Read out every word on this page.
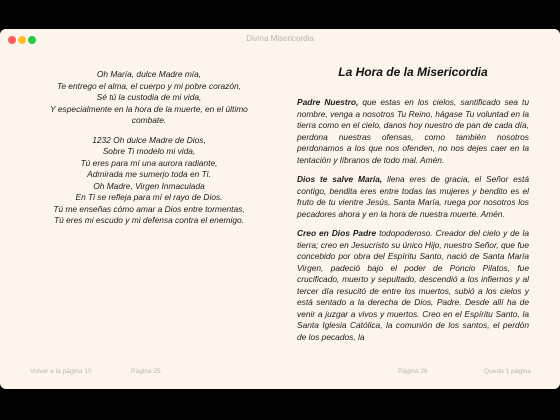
Divina Misericordia
Oh María, dulce Madre mía,
Te entrego el alma, el cuerpo y mi pobre corazón,
Sé tú la custodia de mi vida,
Y especialmente en la hora de la muerte, en el último
combate.
1232 Oh dulce Madre de Dios,
Sobre Ti modelo mi vida,
Tú eres para mí una aurora radiante,
Admirada me sumerjo toda en Ti.
Oh Madre, Virgen Inmaculada
En Ti se refleja para mí el rayo de Dios.
Tú me enseñas cómo amar a Dios entre tormentas,
Tú eres mi escudo y mi defensa contra el enemigo.
La Hora de la Misericordia

Padre Nuestro, que estas en los cielos, santificado sea tu nombre, venga a nosotros Tu Reino, hágase Tu voluntad en la tierra como en el cielo, danos hoy nuestro de pan de cada día, perdona nuestras ofensas, como también nosotros perdonamos a los que nos ofenden, no nos dejes caer en la tentación y líbranos de todo mal. Amén.

Dios te salve María, llena eres de gracia, el Señor está contigo, bendita eres entre todas las mujeres y bendito es el fruto de tu vientre Jesús, Santa María, ruega por nosotros los pecadores ahora y en la hora de nuestra muerte. Amén.

Creo en Dios Padre todopoderoso. Creador del cielo y de la tierra; creo en Jesucristo su único Hijo, nuestro Señor, que fue concebido por obra del Espíritu Santo, nació de Santa María Virgen, padeció bajo el poder de Poncio Pilatos, fue crucificado, muerto y sepultado, descendió a los infiernos y al tercer día resucitó de entre los muertos, subió a los cielos y está sentado a la derecha de Dios, Padre. Desde allí ha de venir a juzgar a vivos y muertos. Creo en el Espíritu Santo, la Santa Iglesia Católica, la comunión de los santos, el perdón de los pecados, la

Volver a la página 10	Página 25	Página 26	Queda 1 página
